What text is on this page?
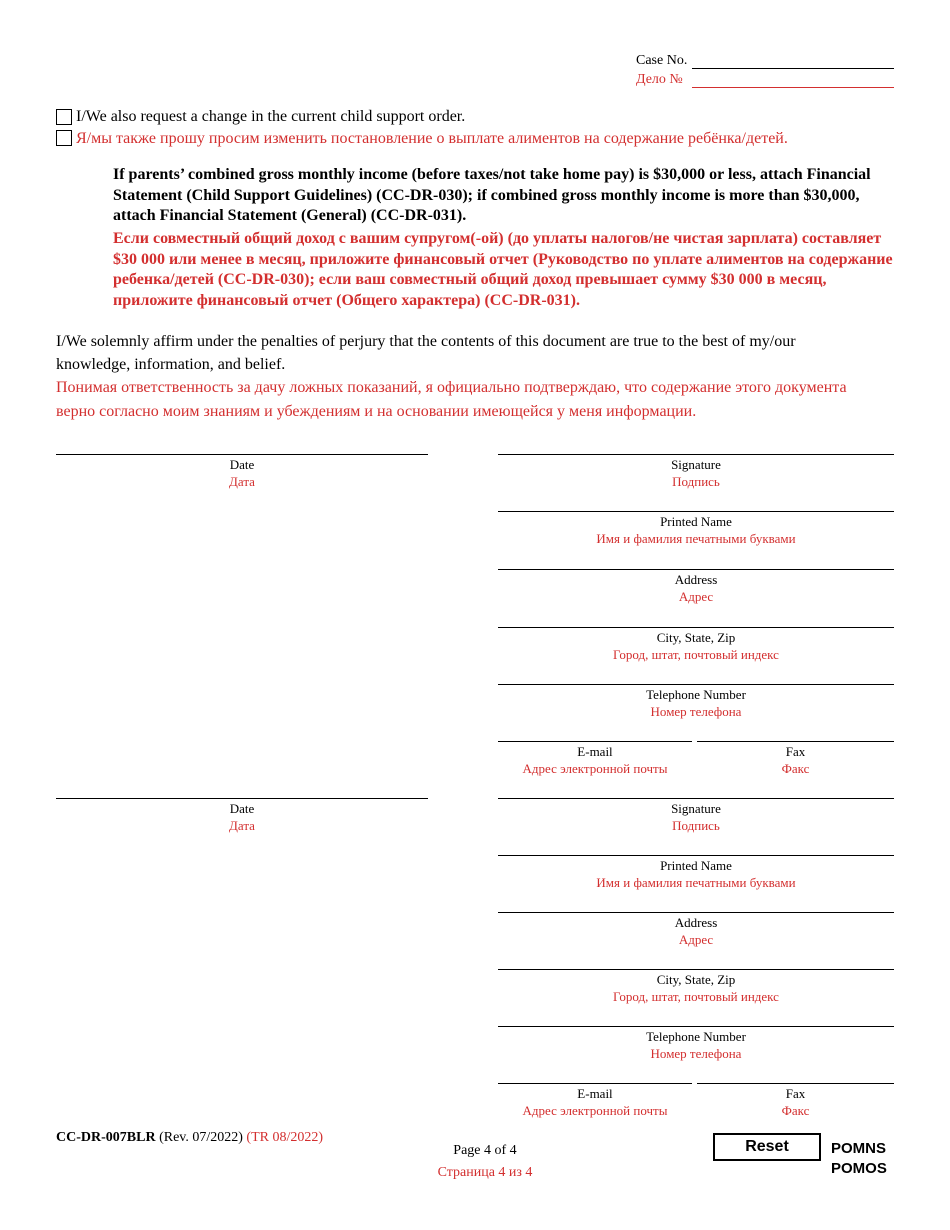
Case No.
Дело №
I/We also request a change in the current child support order.
Я/мы также прошу просим изменить постановление о выплате алиментов на содержание ребёнка/детей.
If parents’ combined gross monthly income (before taxes/not take home pay) is $30,000 or less, attach Financial Statement (Child Support Guidelines) (CC-DR-030); if combined gross monthly income is more than $30,000, attach Financial Statement (General) (CC-DR-031).
Если совместный общий доход с вашим супругом(-ой) (до уплаты налогов/не чистая зарплата) составляет $30 000 или менее в месяц, приложите финансовый отчет (Руководство по уплате алиментов на содержание ребенка/детей (CC-DR-030); если ваш совместный общий доход превышает сумму $30 000 в месяц, приложите финансовый отчет (Общего характера) (CC-DR-031).
I/We solemnly affirm under the penalties of perjury that the contents of this document are true to the best of my/our knowledge, information, and belief.
Понимая ответственность за дачу ложных показаний, я официально подтверждаю, что содержание этого документа верно согласно моим знаниям и убеждениям и на основании имеющейся у меня информации.
Date
Дата
Signature
Подпись
Printed Name
Имя и фамилия печатными буквами
Address
Адрес
City, State, Zip
Город, штат, почтовый индекс
Telephone Number
Номер телефона
E-mail
Адрес электронной почты
Fax
Факс
Date
Дата
Signature
Подпись
Printed Name
Имя и фамилия печатными буквами
Address
Адрес
City, State, Zip
Город, штат, почтовый индекс
Telephone Number
Номер телефона
E-mail
Адрес электронной почты
Fax
Факс
CC-DR-007BLR (Rev. 07/2022) (TR 08/2022)
Page 4 of 4
Страница 4 из 4
Reset	POMNS
POMOS
